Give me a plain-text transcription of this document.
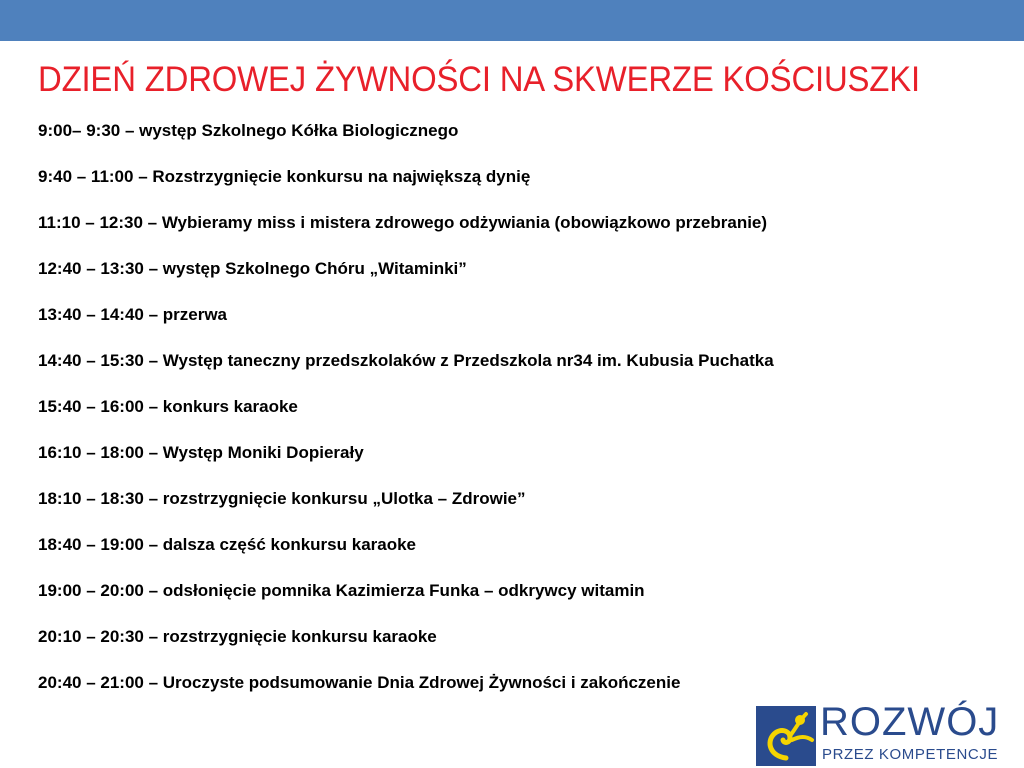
DZIEŃ ZDROWEJ ŻYWNOŚCI NA SKWERZE KOŚCIUSZKI
9:00– 9:30 – występ Szkolnego Kółka Biologicznego
9:40 – 11:00 – Rozstrzygnięcie konkursu na największą dynię
11:10 – 12:30 – Wybieramy miss i mistera zdrowego odżywiania (obowiązkowo przebranie)
12:40 – 13:30 – występ Szkolnego Chóru „Witaminki”
13:40 – 14:40 – przerwa
14:40 – 15:30 – Występ taneczny przedszkolaków z Przedszkola nr34 im. Kubusia Puchatka
15:40 – 16:00 – konkurs karaoke
16:10 – 18:00 – Występ Moniki Dopierały
18:10 – 18:30 – rozstrzygnięcie konkursu „Ulotka – Zdrowie”
18:40 – 19:00 – dalsza część konkursu karaoke
19:00 – 20:00 – odsłonięcie pomnika Kazimierza Funka – odkrywcy witamin
20:10 – 20:30 – rozstrzygnięcie konkursu karaoke
20:40 – 21:00 – Uroczyste podsumowanie Dnia Zdrowej Żywności i zakończenie
ROZWÓJ
PRZEZ KOMPETENCJE
